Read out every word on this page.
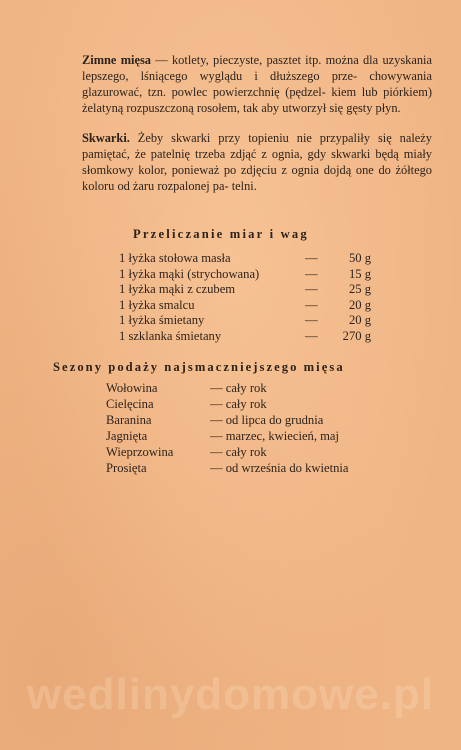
Zimne mięsa — kotlety, pieczyste, pasztet itp. można dla uzyskania lepszego, lśniącego wyglądu i dłuższego prze- chowywania glazurować, tzn. powlec powierzchnię (pędzel- kiem lub piórkiem) żelatyną rozpuszczoną rosołem, tak aby utworzył się gęsty płyn.

Skwarki. Żeby skwarki przy topieniu nie przypaliły się należy pamiętać, że patelnię trzeba zdjąć z ognia, gdy skwarki będą miały słomkowy kolor, ponieważ po zdjęciu z ognia dojdą one do żółtego koloru od żaru rozpalonej pa- telni.

Przeliczanie miar i wag
1 łyżka stołowa masła	— 50 g
1 łyżka mąki (strychowana)	— 15 g
1 łyżka mąki z czubem	— 25 g
1 łyżka smalcu	— 20 g
1 łyżka śmietany	— 20 g
1 szklanka śmietany	— 270 g
Sezony podaży najsmaczniejszego mięsa
Wołowina	— cały rok
Cielęcina	— cały rok
Baranina	— od lipca do grudnia
Jagnięta	— marzec, kwiecień, maj
Wieprzowina	— cały rok
Prosięta	— od września do kwietnia
wedlinydomowe.pl
